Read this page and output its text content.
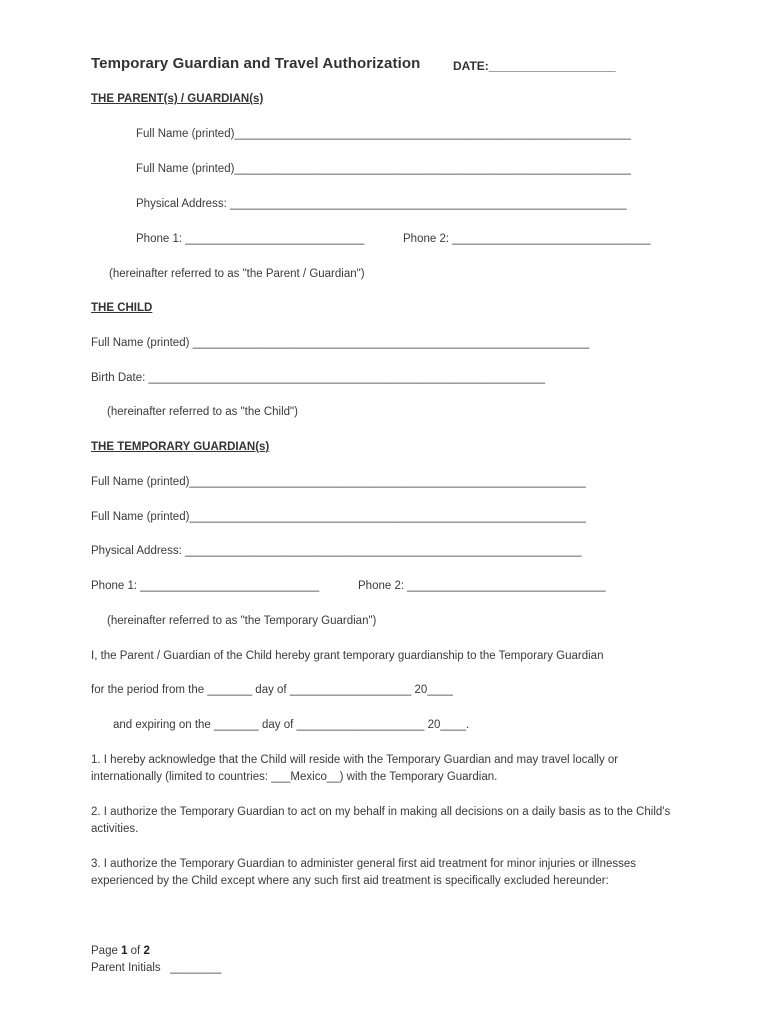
Temporary Guardian and Travel Authorization	DATE:___________________
THE PARENT(s) / GUARDIAN(s)
Full Name (printed)______________________________________________________________
Full Name (printed)______________________________________________________________
Physical Address: ______________________________________________________________
Phone 1: ____________________________	Phone 2: _______________________________
(hereinafter referred to as "the Parent / Guardian")
THE CHILD
Full Name (printed) ______________________________________________________________
Birth Date: ______________________________________________________________
(hereinafter referred to as "the Child")
THE TEMPORARY GUARDIAN(s)
Full Name (printed)______________________________________________________________
Full Name (printed)______________________________________________________________
Physical Address: ______________________________________________________________
Phone 1: ____________________________	Phone 2: _______________________________
(hereinafter referred to as "the Temporary Guardian")
I, the Parent / Guardian of the Child hereby grant temporary guardianship to the Temporary Guardian
for the period from the _______ day of ___________________ 20____
and expiring on the _______ day of ____________________ 20____.
1. I hereby acknowledge that the Child will reside with the Temporary Guardian and may travel locally or internationally (limited to countries: ___Mexico__) with the Temporary Guardian.
2. I authorize the Temporary Guardian to act on my behalf in making all decisions on a daily basis as to the Child's activities.
3. I authorize the Temporary Guardian to administer general first aid treatment for minor injuries or illnesses experienced by the Child except where any such first aid treatment is specifically excluded hereunder:
Page 1 of 2
Parent Initials   ________
